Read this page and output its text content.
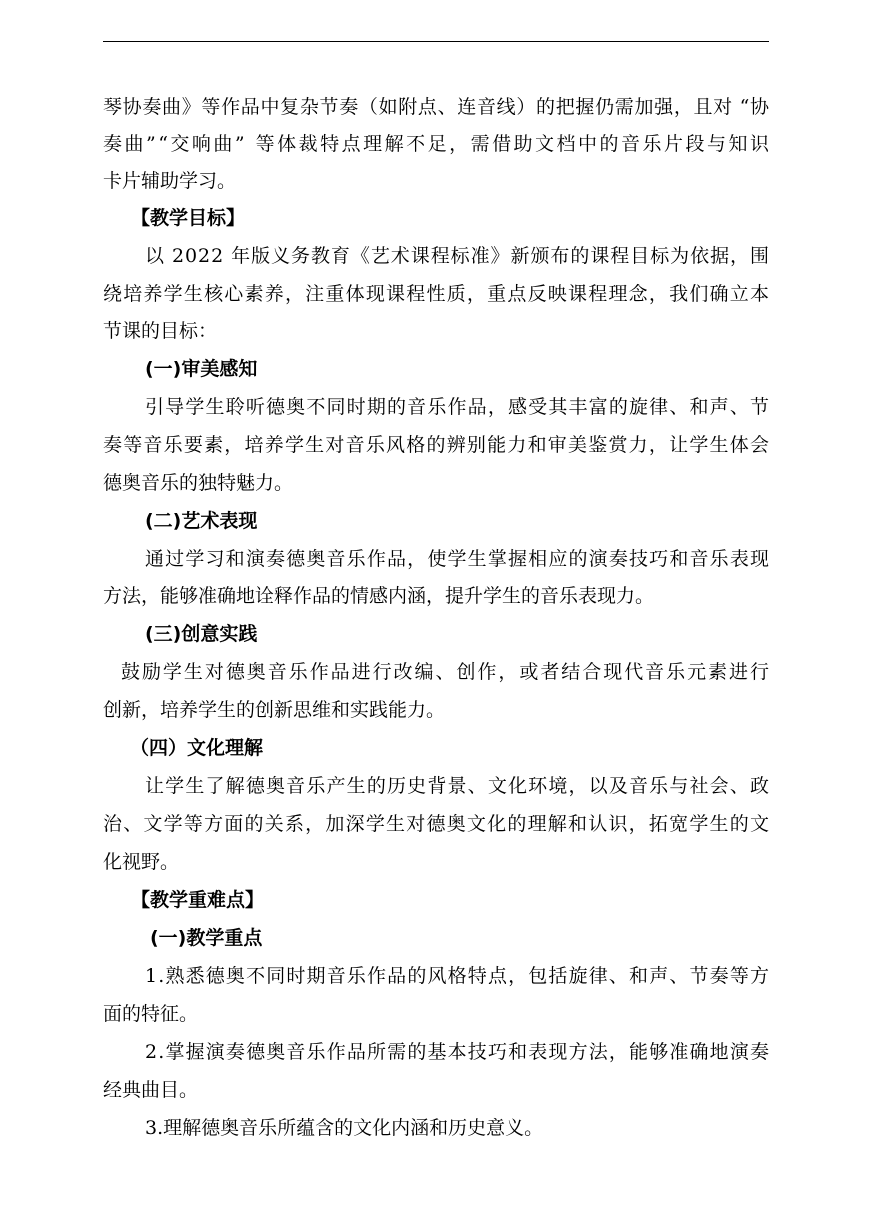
琴协奏曲》等作品中复杂节奏（如附点、连音线）的把握仍需加强，且对 “协
奏曲”“交响曲” 等体裁特点理解不足，需借助文档中的音乐片段与知识
卡片辅助学习。
【教学目标】
以 2022 年版义务教育《艺术课程标准》新颁布的课程目标为依据，围
绕培养学生核心素养，注重体现课程性质，重点反映课程理念，我们确立本
节课的目标：
(一)审美感知
引导学生聆听德奥不同时期的音乐作品，感受其丰富的旋律、和声、节
奏等音乐要素，培养学生对音乐风格的辨别能力和审美鉴赏力，让学生体会
德奥音乐的独特魅力。
(二)艺术表现
通过学习和演奏德奥音乐作品，使学生掌握相应的演奏技巧和音乐表现
方法，能够准确地诠释作品的情感内涵，提升学生的音乐表现力。
(三)创意实践
鼓励学生对德奥音乐作品进行改编、创作，或者结合现代音乐元素进行
创新，培养学生的创新思维和实践能力。
（四）文化理解
让学生了解德奥音乐产生的历史背景、文化环境，以及音乐与社会、政
治、文学等方面的关系，加深学生对德奥文化的理解和认识，拓宽学生的文
化视野。
【教学重难点】
(一)教学重点
1.熟悉德奥不同时期音乐作品的风格特点，包括旋律、和声、节奏等方
面的特征。
2.掌握演奏德奥音乐作品所需的基本技巧和表现方法，能够准确地演奏
经典曲目。
3.理解德奥音乐所蕴含的文化内涵和历史意义。
